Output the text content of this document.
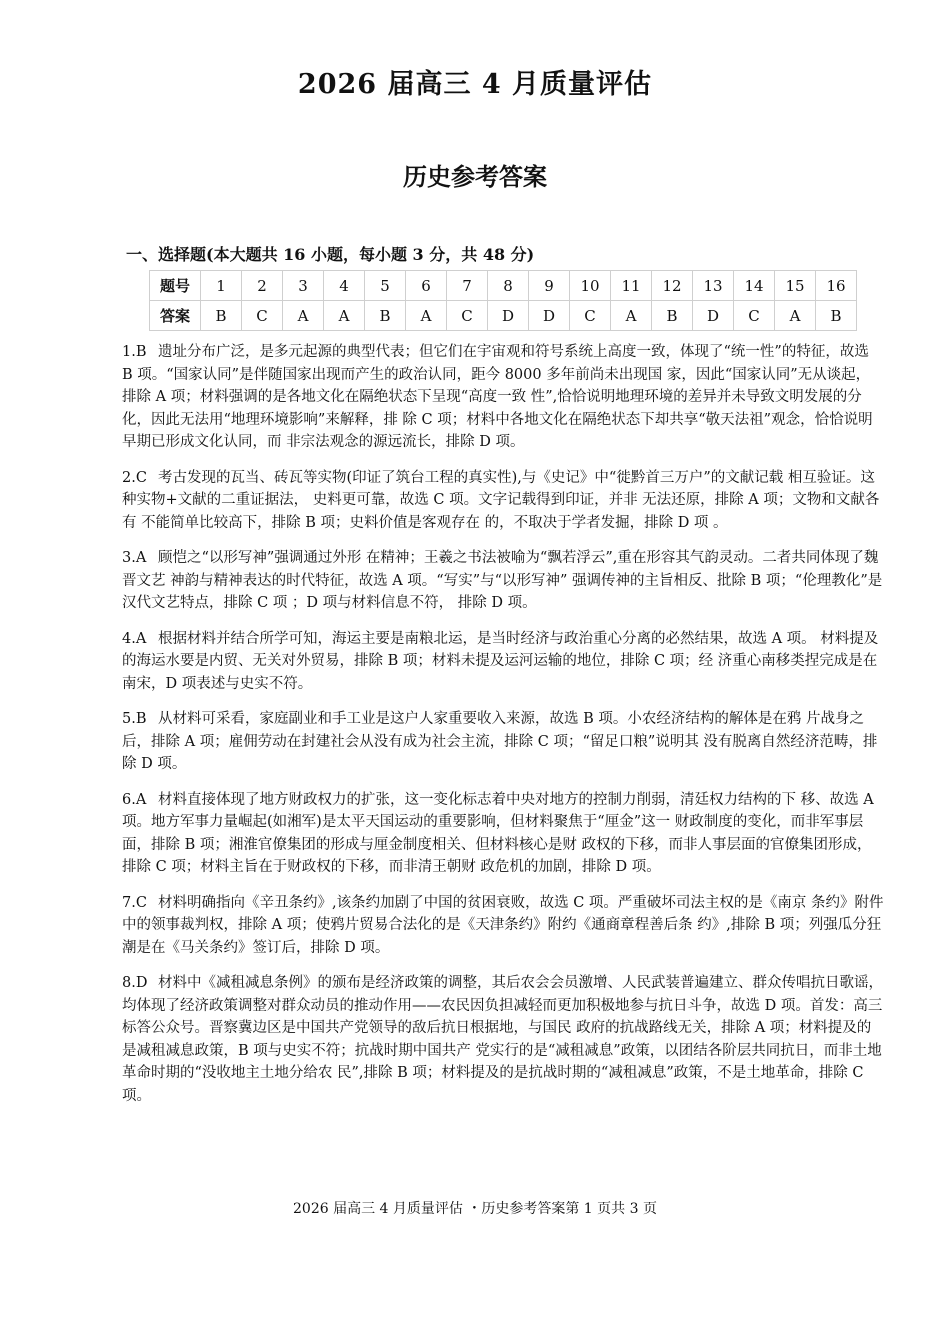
2026 届高三 4 月质量评估
历史参考答案
一、选择题(本大题共 16 小题，每小题 3 分，共 48 分)
题号	1	2	3	4	5	6	7	8	9	10	11	12	13	14	15	16
答案	B	C	A	A	B	A	C	D	D	C	A	B	D	C	A	B
1.B 遗址分布广泛，是多元起源的典型代表；但它们在宇宙观和符号系统上高度一致，体现了“统一性”的特征，故选 B 项。“国家认同”是伴随国家出现而产生的政治认同，距今 8000 多年前尚未出现国 家，因此“国家认同”无从谈起，排除 A 项；材料强调的是各地文化在隔绝状态下呈现“高度一致 性”,恰恰说明地理环境的差异并未导致文明发展的分化，因此无法用“地理环境影响”来解释，排 除 C 项；材料中各地文化在隔绝状态下却共享“敬天法祖”观念，恰恰说明早期已形成文化认同，而 非宗法观念的源远流长，排除 D 项。
2.C 考古发现的瓦当、砖瓦等实物(印证了筑台工程的真实性),与《史记》中“徙黔首三万户”的文献记载 相互验证。这种实物+文献的二重证据法， 史料更可靠，故选 C 项。文字记载得到印证，并非 无法还原，排除 A 项；文物和文献各有 不能简单比较高下，排除 B 项；史料价值是客观存在 的，不取决于学者发掘，排除 D 项 。
3.A 顾恺之“以形写神”强调通过外形 在精神；王羲之书法被喻为“飘若浮云”,重在形容其气韵灵动。二者共同体现了魏晋文艺 神韵与精神表达的时代特征，故选 A 项。“写实”与“以形写神” 强调传神的主旨相反、批除 B 项；“伦理教化”是汉代文艺特点，排除 C 项 ；D 项与材料信息不符， 排除 D 项。
4.A 根据材料并结合所学可知，海运主要是南粮北运，是当时经济与政治重心分离的必然结果，故选 A 项。 材料提及的海运水要是内贸、无关对外贸易，排除 B 项；材料未提及运河运输的地位，排除 C 项；经 济重心南移类捏完成是在南宋，D 项表述与史实不符。
5.B 从材料可采看，家庭副业和手工业是这户人家重要收入来源，故选 B 项。小农经济结构的解体是在鸦 片战身之后，排除 A 项；雇佣劳动在封建社会从没有成为社会主流，排除 C 项；“留足口粮”说明其 没有脱离自然经济范畴，排除 D 项。
6.A 材料直接体现了地方财政权力的扩张，这一变化标志着中央对地方的控制力削弱，清廷权力结构的下 移、故选 A 项。地方军事力量崛起(如湘军)是太平天国运动的重要影响，但材料聚焦于“厘金”这一 财政制度的变化，而非军事层面，排除 B 项；湘淮官僚集团的形成与厘金制度相关、但材料核心是财 政权的下移，而非人事层面的官僚集团形成，排除 C 项；材料主旨在于财政权的下移，而非清王朝财 政危机的加剧，排除 D 项。
7.C 材料明确指向《辛丑条约》,该条约加剧了中国的贫困衰败，故选 C 项。严重破坏司法主权的是《南京 条约》附件中的领事裁判权，排除 A 项；使鸦片贸易合法化的是《天津条约》附约《通商章程善后条 约》,排除 B 项；列强瓜分狂潮是在《马关条约》签订后，排除 D 项。
8.D 材料中《减租减息条例》的颁布是经济政策的调整，其后农会会员激增、人民武装普遍建立、群众传唱抗日歌谣，均体现了经济政策调整对群众动员的推动作用——农民因负担减轻而更加积极地参与抗日斗争，故选 D 项。首发：高三标答公众号。晋察冀边区是中国共产党领导的敌后抗日根据地，与国民 政府的抗战路线无关，排除 A 项；材料提及的是减租减息政策，B 项与史实不符；抗战时期中国共产 党实行的是“减租减息”政策，以团结各阶层共同抗日，而非土地革命时期的“没收地主土地分给农 民”,排除 B 项；材料提及的是抗战时期的“减租减息”政策，不是土地革命，排除 C 项。
2026 届高三 4 月质量评估 ・历史参考答案第 1 页共 3 页
